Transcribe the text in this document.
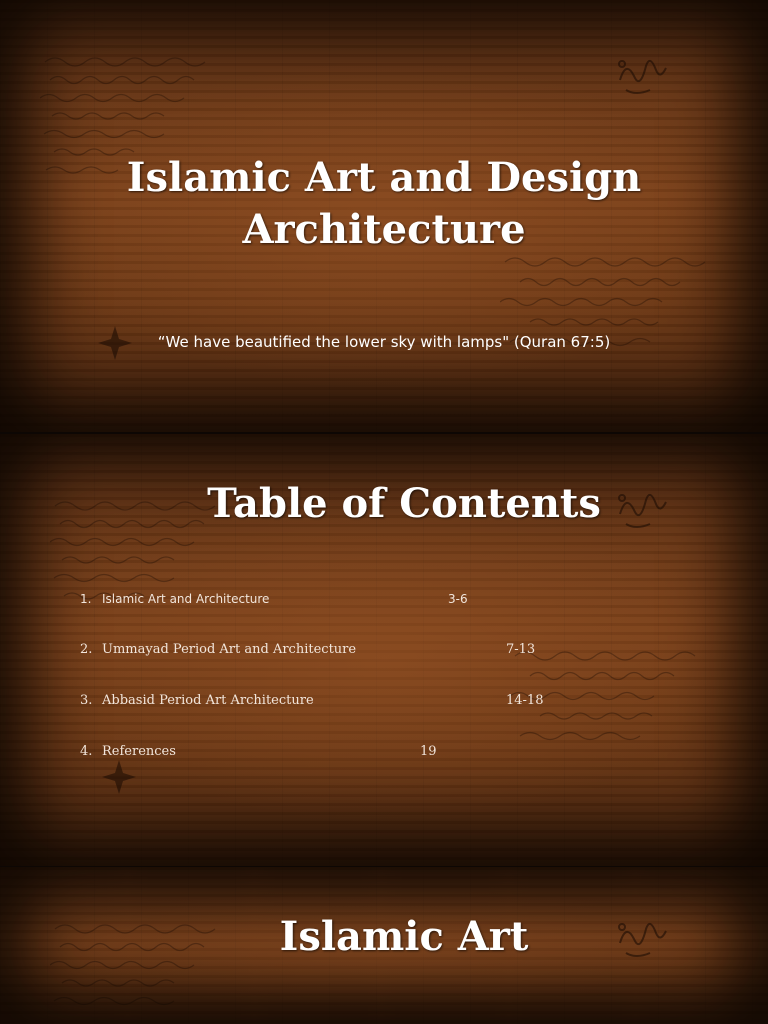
Islamic Art and Design
Architecture
“We have beautified the lower sky with lamps" (Quran 67:5)
Table of Contents
1. Islamic Art and Architecture	3-6
2. Ummayad Period Art and Architecture	7-13
3. Abbasid Period Art Architecture	14-18
4. References	19
Islamic Art
